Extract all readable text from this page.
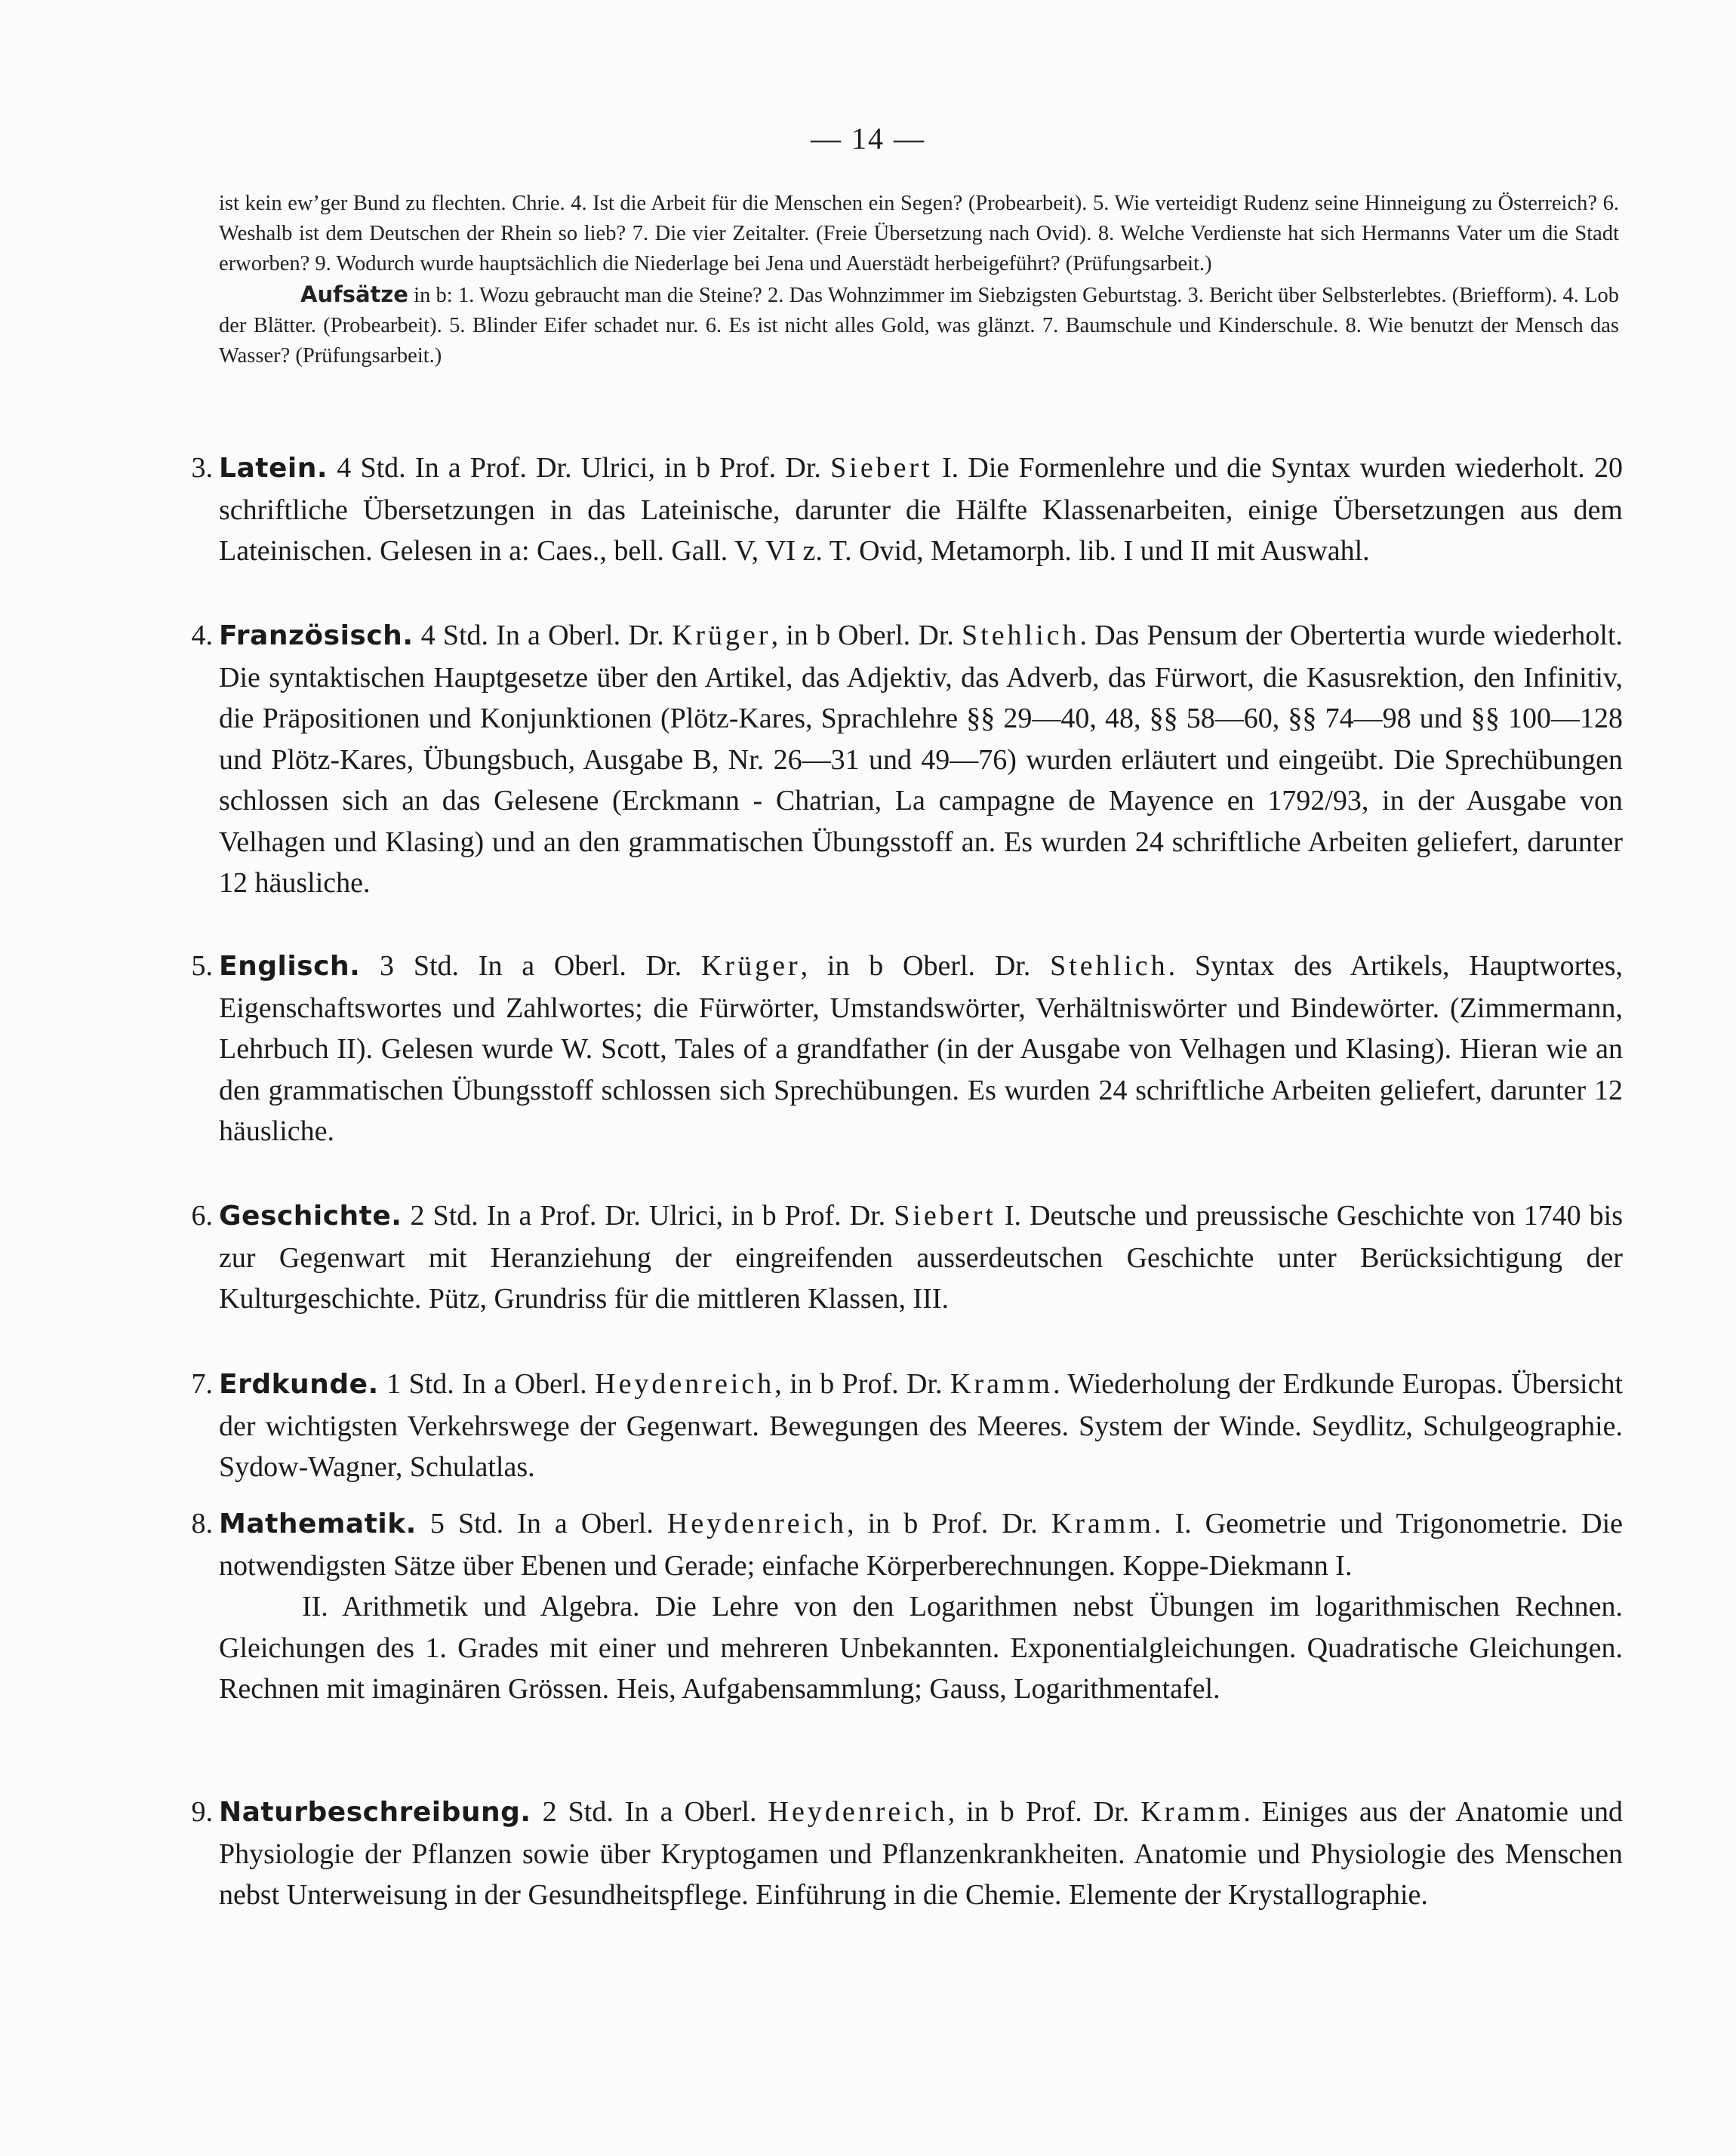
— 14 —

ist kein ew’ger Bund zu flechten. Chrie. 4. Ist die Arbeit für die Menschen ein Segen? (Probearbeit). 5. Wie verteidigt Rudenz seine Hinneigung zu Österreich? 6. Weshalb ist dem Deutschen der Rhein so lieb? 7. Die vier Zeitalter. (Freie Übersetzung nach Ovid). 8. Welche Verdienste hat sich Hermanns Vater um die Stadt erworben? 9. Wodurch wurde hauptsächlich die Niederlage bei Jena und Auerstädt herbeigeführt? (Prüfungsarbeit.)

Aufsätze in b: 1. Wozu gebraucht man die Steine? 2. Das Wohnzimmer im Siebzigsten Geburtstag. 3. Bericht über Selbsterlebtes. (Briefform). 4. Lob der Blätter. (Probearbeit). 5. Blinder Eifer schadet nur. 6. Es ist nicht alles Gold, was glänzt. 7. Baumschule und Kinderschule. 8. Wie benutzt der Mensch das Wasser? (Prüfungsarbeit.)

3. Latein. 4 Std. In a Prof. Dr. Ulrici, in b Prof. Dr. Siebert I. Die Formenlehre und die Syntax wurden wiederholt. 20 schriftliche Übersetzungen in das Lateinische, darunter die Hälfte Klassenarbeiten, einige Übersetzungen aus dem Lateinischen. Gelesen in a: Caes., bell. Gall. V, VI z. T. Ovid, Metamorph. lib. I und II mit Auswahl.

4. Französisch. 4 Std. In a Oberl. Dr. Krüger, in b Oberl. Dr. Stehlich. Das Pensum der Obertertia wurde wiederholt. Die syntaktischen Hauptgesetze über den Artikel, das Adjektiv, das Adverb, das Fürwort, die Kasusrektion, den Infinitiv, die Präpositionen und Konjunktionen (Plötz-Kares, Sprachlehre §§ 29—40, 48, §§ 58—60, §§ 74—98 und §§ 100—128 und Plötz-Kares, Übungsbuch, Ausgabe B, Nr. 26—31 und 49—76) wurden erläutert und eingeübt. Die Sprechübungen schlossen sich an das Gelesene (Erckmann - Chatrian, La campagne de Mayence en 1792/93, in der Ausgabe von Velhagen und Klasing) und an den grammatischen Übungsstoff an. Es wurden 24 schriftliche Arbeiten geliefert, darunter 12 häusliche.

5. Englisch. 3 Std. In a Oberl. Dr. Krüger, in b Oberl. Dr. Stehlich. Syntax des Artikels, Hauptwortes, Eigenschaftswortes und Zahlwortes; die Fürwörter, Umstandswörter, Verhältniswörter und Bindewörter. (Zimmermann, Lehrbuch II). Gelesen wurde W. Scott, Tales of a grandfather (in der Ausgabe von Velhagen und Klasing). Hieran wie an den grammatischen Übungsstoff schlossen sich Sprechübungen. Es wurden 24 schriftliche Arbeiten geliefert, darunter 12 häusliche.

6. Geschichte. 2 Std. In a Prof. Dr. Ulrici, in b Prof. Dr. Siebert I. Deutsche und preussische Geschichte von 1740 bis zur Gegenwart mit Heranziehung der eingreifenden ausserdeutschen Geschichte unter Berücksichtigung der Kulturgeschichte. Pütz, Grundriss für die mittleren Klassen, III.

7. Erdkunde. 1 Std. In a Oberl. Heydenreich, in b Prof. Dr. Kramm. Wiederholung der Erdkunde Europas. Übersicht der wichtigsten Verkehrswege der Gegenwart. Bewegungen des Meeres. System der Winde. Seydlitz, Schulgeographie. Sydow-Wagner, Schulatlas.

8. Mathematik. 5 Std. In a Oberl. Heydenreich, in b Prof. Dr. Kramm. I. Geometrie und Trigonometrie. Die notwendigsten Sätze über Ebenen und Gerade; einfache Körperberechnungen. Koppe-Diekmann I.

II. Arithmetik und Algebra. Die Lehre von den Logarithmen nebst Übungen im logarithmischen Rechnen. Gleichungen des 1. Grades mit einer und mehreren Unbekannten. Exponentialgleichungen. Quadratische Gleichungen. Rechnen mit imaginären Grössen. Heis, Aufgabensammlung; Gauss, Logarithmentafel.

9. Naturbeschreibung. 2 Std. In a Oberl. Heydenreich, in b Prof. Dr. Kramm. Einiges aus der Anatomie und Physiologie der Pflanzen sowie über Kryptogamen und Pflanzenkrankheiten. Anatomie und Physiologie des Menschen nebst Unterweisung in der Gesundheitspflege. Einführung in die Chemie. Elemente der Krystallographie.
